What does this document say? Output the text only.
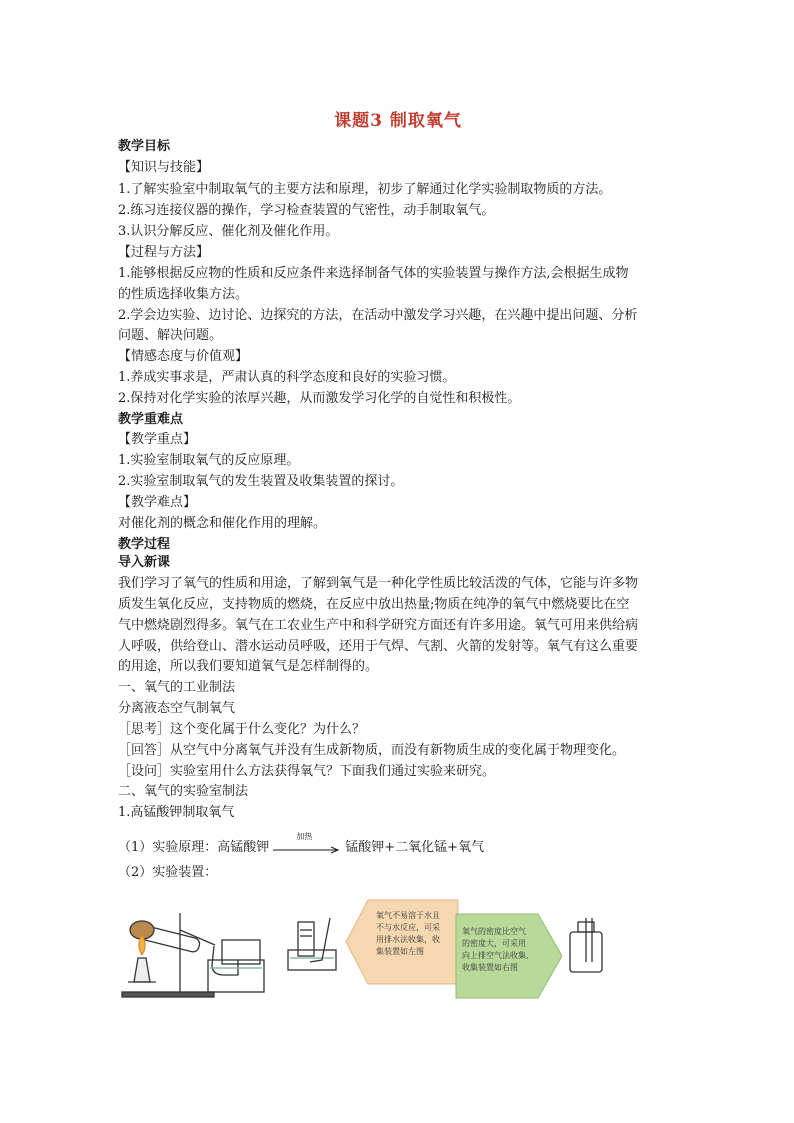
课题3 制取氧气
教学目标
【知识与技能】
1.了解实验室中制取氧气的主要方法和原理，初步了解通过化学实验制取物质的方法。
2.练习连接仪器的操作，学习检查装置的气密性，动手制取氧气。
3.认识分解反应、催化剂及催化作用。
【过程与方法】
1.能够根据反应物的性质和反应条件来选择制备气体的实验装置与操作方法,会根据生成物
的性质选择收集方法。
2.学会边实验、边讨论、边探究的方法，在活动中激发学习兴趣，在兴趣中提出问题、分析
问题、解决问题。
【情感态度与价值观】
1.养成实事求是，严肃认真的科学态度和良好的实验习惯。
2.保持对化学实验的浓厚兴趣，从而激发学习化学的自觉性和积极性。
教学重难点
【教学重点】
1.实验室制取氧气的反应原理。
2.实验室制取氧气的发生装置及收集装置的探讨。
【教学难点】
对催化剂的概念和催化作用的理解。
教学过程
导入新课
我们学习了氧气的性质和用途，了解到氧气是一种化学性质比较活泼的气体，它能与许多物
质发生氧化反应，支持物质的燃烧，在反应中放出热量;物质在纯净的氧气中燃烧要比在空
气中燃烧剧烈得多。氧气在工农业生产中和科学研究方面还有许多用途。氧气可用来供给病
人呼吸，供给登山、潜水运动员呼吸，还用于气焊、气割、火箭的发射等。氧气有这么重要
的用途，所以我们要知道氧气是怎样制得的。
一、氧气的工业制法
分离液态空气制氧气
［思考］这个变化属于什么变化？为什么？
［回答］从空气中分离氧气并没有生成新物质，而没有新物质生成的变化属于物理变化。
［设问］实验室用什么方法获得氧气？下面我们通过实验来研究。
二、氧气的实验室制法
1.高锰酸钾制取氧气
（1）实验原理：高锰酸钾
加热
锰酸钾+二氧化锰+氧气
（2）实验装置：
氧气不易溶于水且
不与水反应，可采
用排水法收集，收
集装置如左图
氧气的密度比空气
的密度大，可采用
向上排空气法收集,
收集装置如右图
